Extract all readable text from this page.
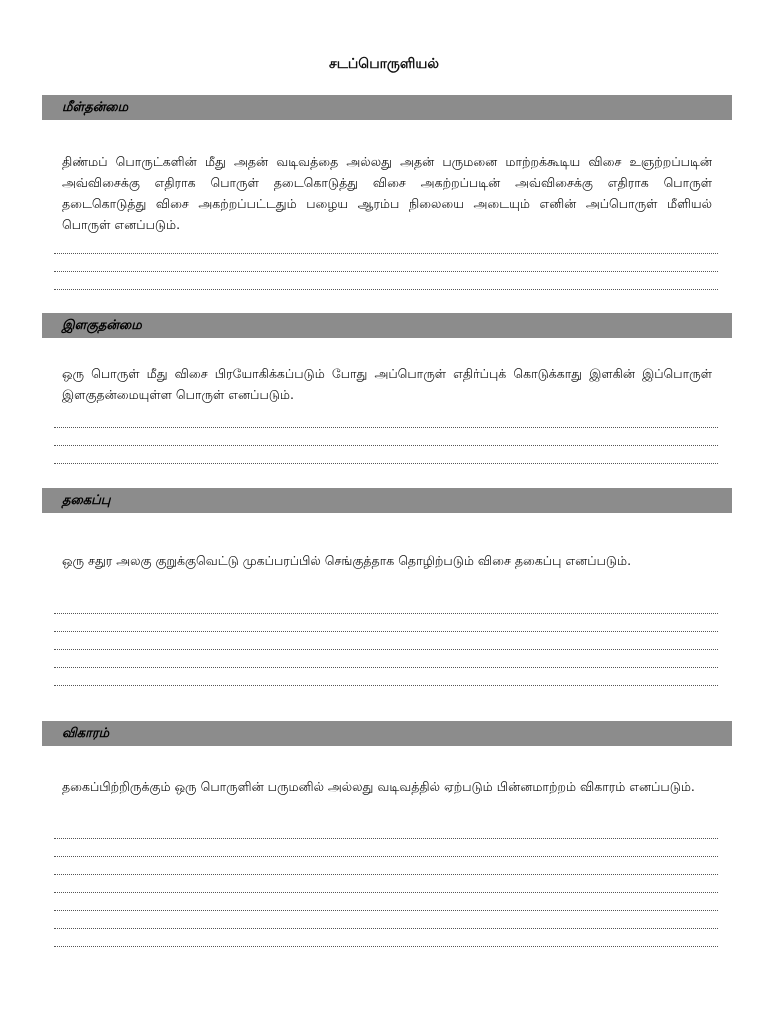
சடப்பொருளியல்
மீள்தன்மை
திண்மப் பொருட்களின் மீது அதன் வடிவத்தை அல்லது அதன் பருமனை மாற்றக்கூடிய விசை உஞற்றப்படின் அவ்விசைக்கு எதிராக பொருள் தடைகொடுத்து விசை அகற்றப்படின் அவ்விசைக்கு எதிராக பொருள் தடைகொடுத்து விசை அகற்றப்பட்டதும் பழைய ஆரம்ப நிலையை அடையும் எனின் அப்பொருள் மீளியல் பொருள் எனப்படும்.
இளகுதன்மை
ஒரு பொருள் மீது விசை பிரயோகிக்கப்படும் போது அப்பொருள் எதிர்ப்புக் கொடுக்காது இளகின் இப்பொருள் இளகுதன்மையுள்ள பொருள் எனப்படும்.
தகைப்பு
ஒரு சதுர அலகு குறுக்குவெட்டு முகப்பரப்பில் செங்குத்தாக தொழிற்படும் விசை தகைப்பு எனப்படும்.
விகாரம்
தகைப்பிற்றிருக்கும் ஒரு பொருளின் பருமனில் அல்லது வடிவத்தில் ஏற்படும் பின்னமாற்றம் விகாரம் எனப்படும்.
